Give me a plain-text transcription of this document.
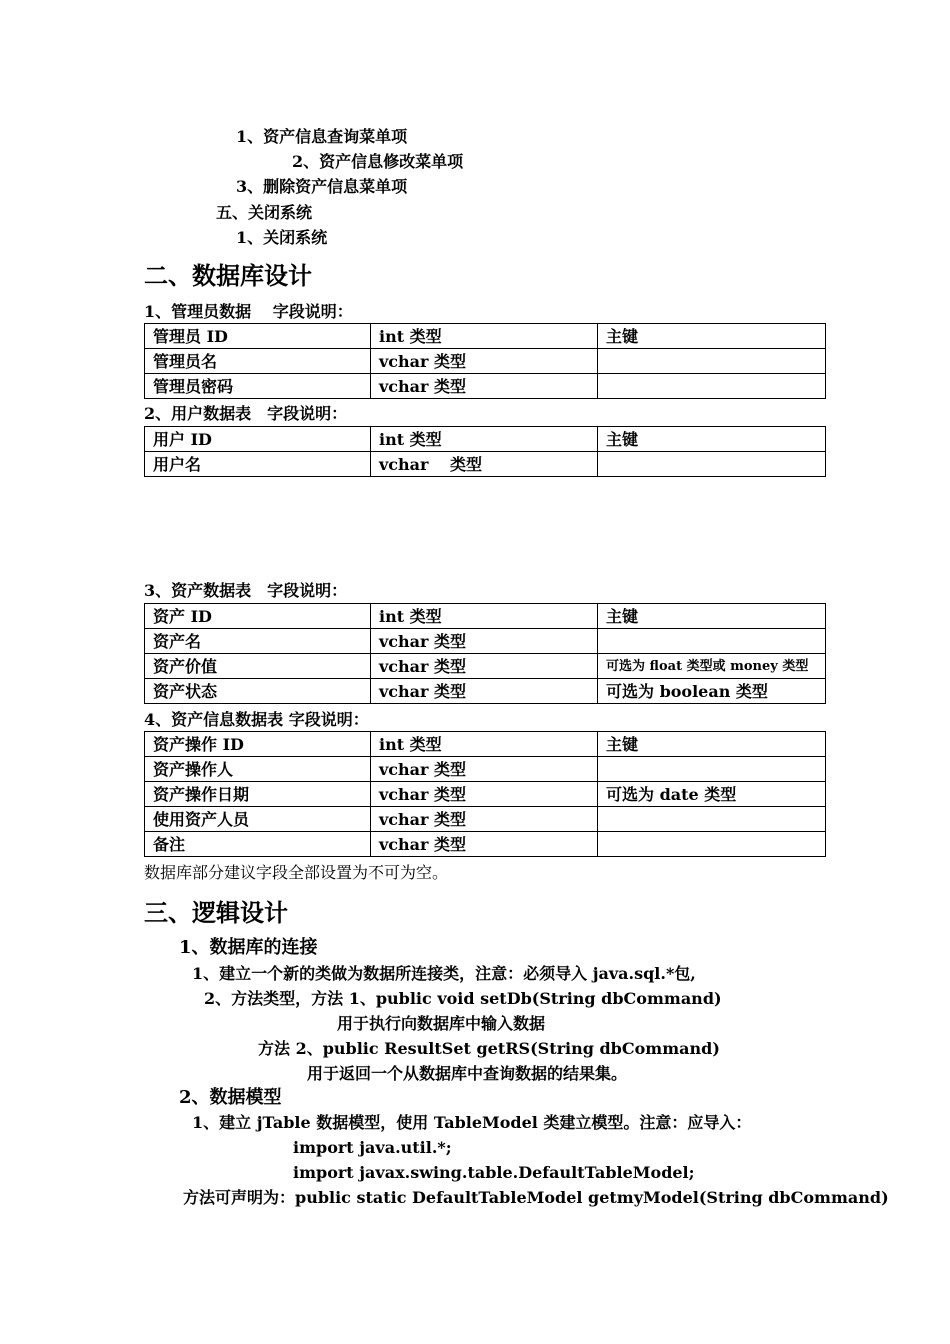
1、资产信息查询菜单项
2、资产信息修改菜单项
3、删除资产信息菜单项
五、关闭系统
1、关闭系统
二、数据库设计
1、管理员数据　 字段说明：
管理员 ID	int 类型	主键
管理员名	vchar 类型	
管理员密码	vchar 类型	
2、用户数据表　字段说明：
用户 ID	int 类型	主键
用户名	vchar　 类型	
3、资产数据表　字段说明：
资产 ID	int 类型	主键
资产名	vchar 类型	
资产价值	vchar 类型	可选为 float 类型或 money 类型
资产状态	vchar 类型	可选为 boolean 类型
4、资产信息数据表 字段说明：
资产操作 ID	int 类型	主键
资产操作人	vchar 类型	
资产操作日期	vchar 类型	可选为 date 类型
使用资产人员	vchar 类型	
备注	vchar 类型	
数据库部分建议字段全部设置为不可为空。
三、逻辑设计
1、数据库的连接
1、建立一个新的类做为数据所连接类，注意：必须导入 java.sql.*包,
2、方法类型，方法 1、public void setDb(String dbCommand)
用于执行向数据库中输入数据
方法 2、public ResultSet getRS(String dbCommand)
用于返回一个从数据库中查询数据的结果集。
2、数据模型
1、建立 jTable 数据模型，使用 TableModel 类建立模型。注意：应导入：
import java.util.*;
import javax.swing.table.DefaultTableModel;
方法可声明为：public static DefaultTableModel getmyModel(String dbCommand)
